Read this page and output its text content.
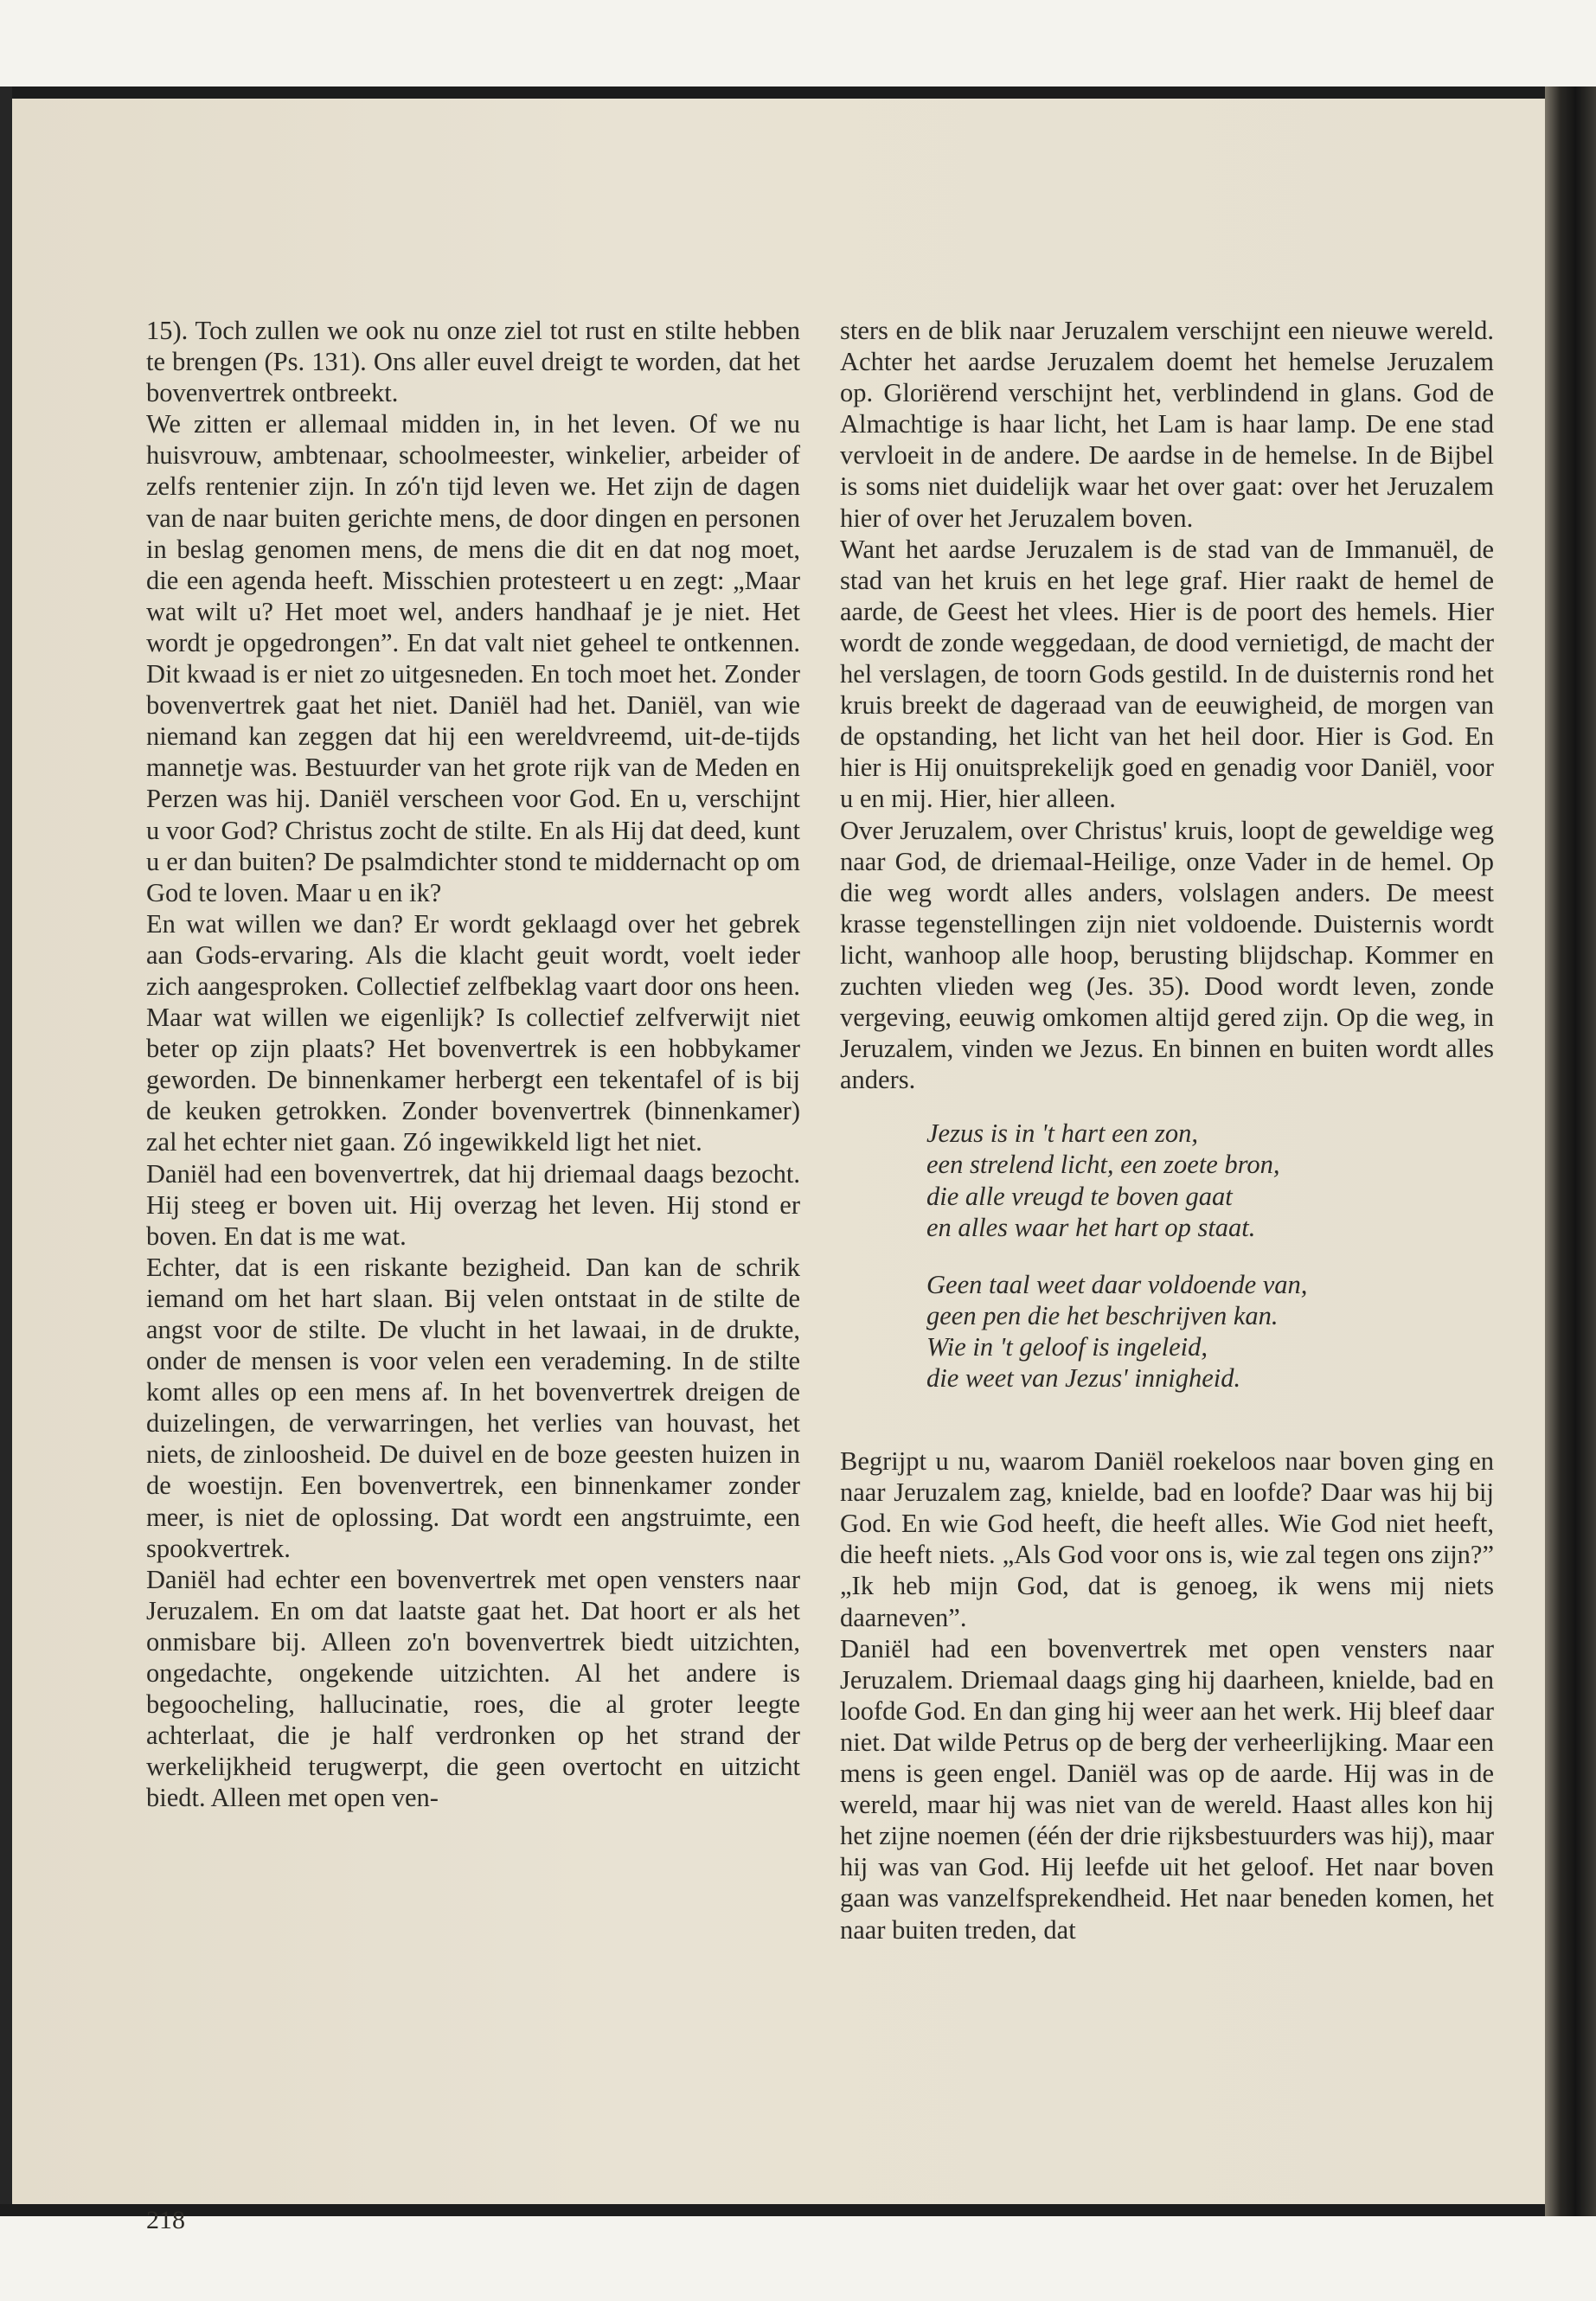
15). Toch zullen we ook nu onze ziel tot rust en stilte hebben te brengen (Ps. 131). Ons aller euvel dreigt te worden, dat het bovenvertrek ontbreekt.

We zitten er allemaal midden in, in het leven. Of we nu huisvrouw, ambtenaar, schoolmeester, winkelier, arbeider of zelfs rentenier zijn. In zó'n tijd leven we. Het zijn de dagen van de naar buiten gerichte mens, de door dingen en personen in beslag genomen mens, de mens die dit en dat nog moet, die een agenda heeft. Misschien protesteert u en zegt: „Maar wat wilt u? Het moet wel, anders handhaaf je je niet. Het wordt je opgedrongen”. En dat valt niet geheel te ontkennen. Dit kwaad is er niet zo uitgesneden. En toch moet het. Zonder bovenvertrek gaat het niet. Daniël had het. Daniël, van wie niemand kan zeggen dat hij een wereldvreemd, uit-de-tijds mannetje was. Bestuurder van het grote rijk van de Meden en Perzen was hij. Daniël verscheen voor God. En u, verschijnt u voor God? Christus zocht de stilte. En als Hij dat deed, kunt u er dan buiten? De psalmdichter stond te middernacht op om God te loven. Maar u en ik?

En wat willen we dan? Er wordt geklaagd over het gebrek aan Gods-ervaring. Als die klacht geuit wordt, voelt ieder zich aangesproken. Collectief zelfbeklag vaart door ons heen. Maar wat willen we eigenlijk? Is collectief zelfverwijt niet beter op zijn plaats? Het bovenvertrek is een hobbykamer geworden. De binnenkamer herbergt een tekentafel of is bij de keuken getrokken. Zonder bovenvertrek (binnenkamer) zal het echter niet gaan. Zó ingewikkeld ligt het niet.

Daniël had een bovenvertrek, dat hij driemaal daags bezocht. Hij steeg er boven uit. Hij overzag het leven. Hij stond er boven. En dat is me wat.

Echter, dat is een riskante bezigheid. Dan kan de schrik iemand om het hart slaan. Bij velen ontstaat in de stilte de angst voor de stilte. De vlucht in het lawaai, in de drukte, onder de mensen is voor velen een verademing. In de stilte komt alles op een mens af. In het bovenvertrek dreigen de duizelingen, de verwarringen, het verlies van houvast, het niets, de zinloosheid. De duivel en de boze geesten huizen in de woestijn. Een bovenvertrek, een binnenkamer zonder meer, is niet de oplossing. Dat wordt een angstruimte, een spookvertrek.

Daniël had echter een bovenvertrek met open vensters naar Jeruzalem. En om dat laatste gaat het. Dat hoort er als het onmisbare bij. Alleen zo'n bovenvertrek biedt uitzichten, ongedachte, ongekende uitzichten. Al het andere is begoocheling, hallucinatie, roes, die al groter leegte achterlaat, die je half verdronken op het strand der werkelijkheid terugwerpt, die geen overtocht en uitzicht biedt. Alleen met open ven-

sters en de blik naar Jeruzalem verschijnt een nieuwe wereld. Achter het aardse Jeruzalem doemt het hemelse Jeruzalem op. Gloriërend verschijnt het, verblindend in glans. God de Almachtige is haar licht, het Lam is haar lamp. De ene stad vervloeit in de andere. De aardse in de hemelse. In de Bijbel is soms niet duidelijk waar het over gaat: over het Jeruzalem hier of over het Jeruzalem boven.

Want het aardse Jeruzalem is de stad van de Immanuël, de stad van het kruis en het lege graf. Hier raakt de hemel de aarde, de Geest het vlees. Hier is de poort des hemels. Hier wordt de zonde weggedaan, de dood vernietigd, de macht der hel verslagen, de toorn Gods gestild. In de duisternis rond het kruis breekt de dageraad van de eeuwigheid, de morgen van de opstanding, het licht van het heil door. Hier is God. En hier is Hij onuitsprekelijk goed en genadig voor Daniël, voor u en mij. Hier, hier alleen.

Over Jeruzalem, over Christus' kruis, loopt de geweldige weg naar God, de driemaal-Heilige, onze Vader in de hemel. Op die weg wordt alles anders, volslagen anders. De meest krasse tegenstellingen zijn niet voldoende. Duisternis wordt licht, wanhoop alle hoop, berusting blijdschap. Kommer en zuchten vlieden weg (Jes. 35). Dood wordt leven, zonde vergeving, eeuwig omkomen altijd gered zijn. Op die weg, in Jeruzalem, vinden we Jezus. En binnen en buiten wordt alles anders.

Jezus is in 't hart een zon,
een strelend licht, een zoete bron,
die alle vreugd te boven gaat
en alles waar het hart op staat.
Geen taal weet daar voldoende van,
geen pen die het beschrijven kan.
Wie in 't geloof is ingeleid,
die weet van Jezus' innigheid.

Begrijpt u nu, waarom Daniël roekeloos naar boven ging en naar Jeruzalem zag, knielde, bad en loofde? Daar was hij bij God. En wie God heeft, die heeft alles. Wie God niet heeft, die heeft niets. „Als God voor ons is, wie zal tegen ons zijn?” „Ik heb mijn God, dat is genoeg, ik wens mij niets daarneven”.

Daniël had een bovenvertrek met open vensters naar Jeruzalem. Driemaal daags ging hij daarheen, knielde, bad en loofde God. En dan ging hij weer aan het werk. Hij bleef daar niet. Dat wilde Petrus op de berg der verheerlijking. Maar een mens is geen engel. Daniël was op de aarde. Hij was in de wereld, maar hij was niet van de wereld. Haast alles kon hij het zijne noemen (één der drie rijksbestuurders was hij), maar hij was van God. Hij leefde uit het geloof. Het naar boven gaan was vanzelfsprekendheid. Het naar beneden komen, het naar buiten treden, dat

218
